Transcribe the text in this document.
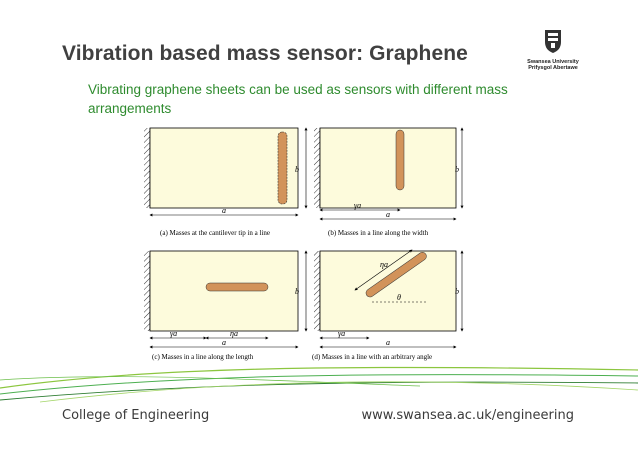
Vibration based mass sensor: Graphene	Swansea University
Prifysgol Abertawe
Vibrating graphene sheets can be used as sensors with different mass arrangements
a
b
(a) Masses at the cantilever tip in a line
γa
a
b
(b) Masses in a line along the width
γa	ηa
a
b
(c) Masses in a line along the length
ηa
θ
γa
a
b
(d) Masses in a line with an arbitrary angle
College of Engineering	www.swansea.ac.uk/engineering
